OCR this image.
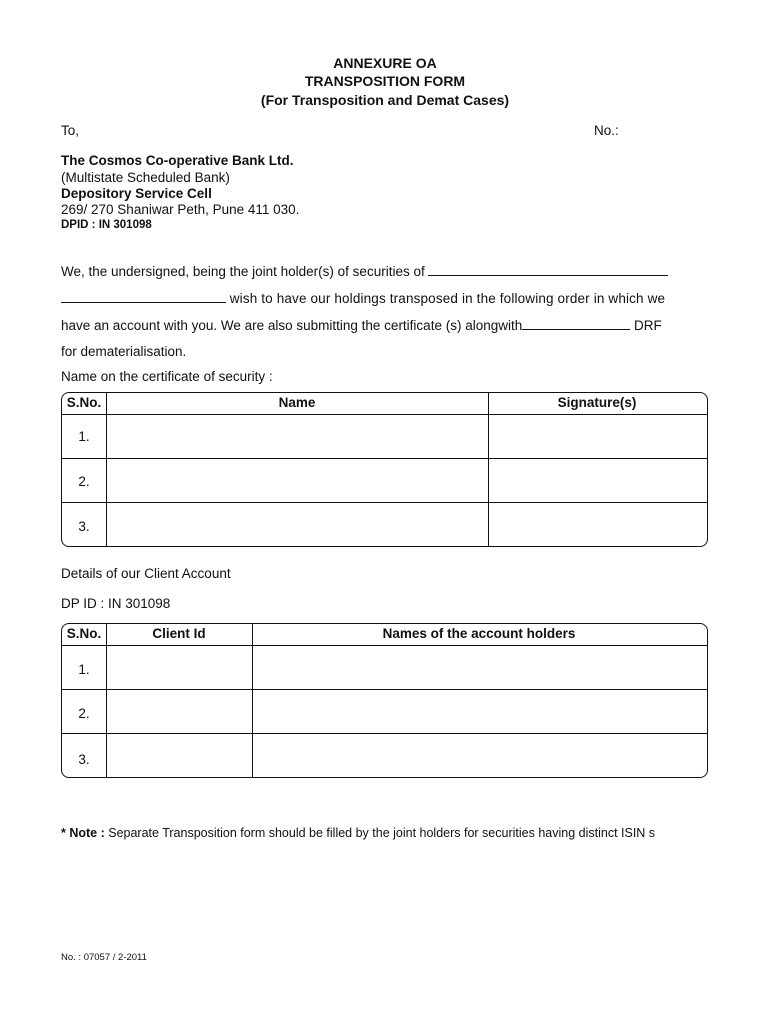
ANNEXURE OA
TRANSPOSITION FORM
(For Transposition and Demat Cases)
To,	No.:
The Cosmos Co-operative Bank Ltd.
(Multistate Scheduled Bank)
Depository Service Cell
269/ 270 Shaniwar Peth, Pune 411 030.
DPID : IN 301098
We, the undersigned, being the joint holder(s) of securities of
wish to have our holdings transposed in the following order in which we
have an account with you. We are also submitting the certificate (s) alongwith	DRF
for dematerialisation.
Name on the certificate of security :
S.No.	Name	Signature(s)
1.
2.
3.
Details of our Client Account
DP ID : IN 301098
S.No.	Client Id	Names of the account holders
1.
2.
3.
* Note : Separate Transposition form should be filled by the joint holders for securities having distinct ISIN s
No. : 07057 / 2-2011
